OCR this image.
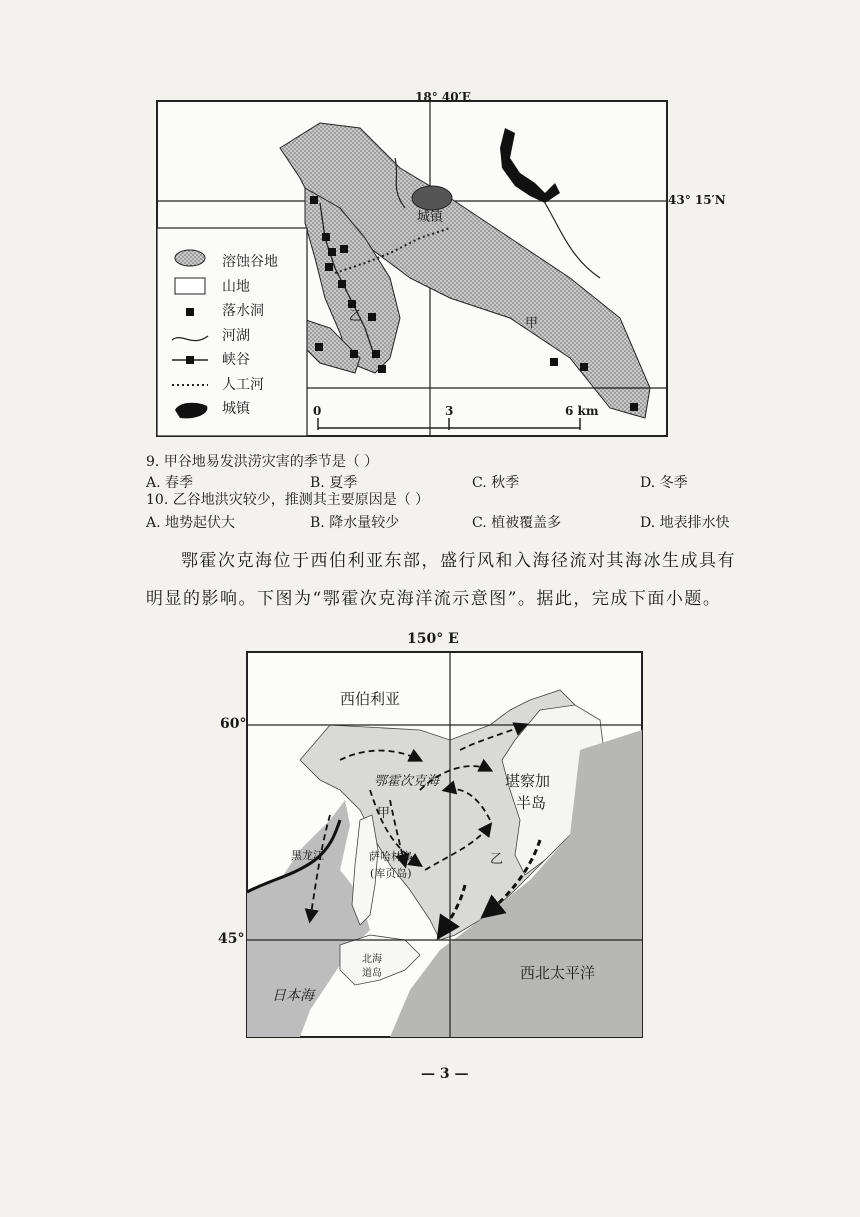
18° 40′E
43° 15′N
城镇
甲
乙
0	3	6 km
溶蚀谷地
山地
落水洞
河湖
峡谷
人工河
城镇
9. 甲谷地易发洪涝灾害的季节是（ ）
A. 春季	B. 夏季	C. 秋季	D. 冬季
10. 乙谷地洪灾较少，推测其主要原因是（ ）
A. 地势起伏大	B. 降水量较少	C. 植被覆盖多	D. 地表排水快
鄂霍次克海位于西伯利亚东部，盛行风和入海径流对其海冰生成具有
明显的影响。下图为“鄂霍次克海洋流示意图”。据此，完成下面小题。
150° E
60°
45°
西伯利亚
鄂霍次克海	堪察加
半岛
黑龙江	萨哈林岛
(库页岛)
甲
乙
北海
道岛
日本海
西北太平洋
— 3 —
